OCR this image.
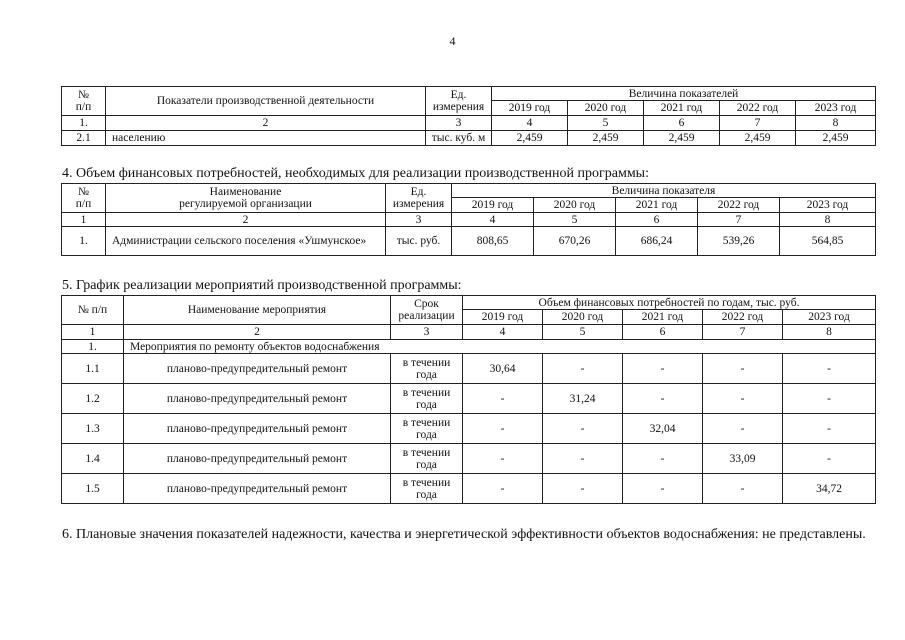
4
№
п/п	Показатели производственной деятельности	Ед.
измерения	Величина показателей				
			2019 год	2020 год	2021 год	2022 год	2023 год
1.	2	3	4	5	6	7	8
2.1	населению	тыс. куб. м	2,459	2,459	2,459	2,459	2,459
4. Объем финансовых потребностей, необходимых для реализации производственной программы:
№
п/п	Наименование
регулируемой организации	Ед.
измерения	Величина показателя				
			2019 год	2020 год	2021 год	2022 год	2023 год
1	2	3	4	5	6	7	8
1.	Администрации сельского поселения «Ушмунское»	тыс. руб.	808,65	670,26	686,24	539,26	564,85
5. График реализации мероприятий производственной программы:
№ п/п	Наименование мероприятия	Срок
реализации	Объем финансовых потребностей по годам, тыс. руб.				
			2019 год	2020 год	2021 год	2022 год	2023 год
1	2	3	4	5	6	7	8
1.	Мероприятия по ремонту объектов водоснабжения						
1.1	планово-предупредительный ремонт	в течении
года	30,64	-	-	-	-
1.2	планово-предупредительный ремонт	в течении
года	-	31,24	-	-	-
1.3	планово-предупредительный ремонт	в течении
года	-	-	32,04	-	-
1.4	планово-предупредительный ремонт	в течении
года	-	-	-	33,09	-
1.5	планово-предупредительный ремонт	в течении
года	-	-	-	-	34,72
6. Плановые значения показателей надежности, качества и энергетической эффективности объектов водоснабжения: не представлены.
